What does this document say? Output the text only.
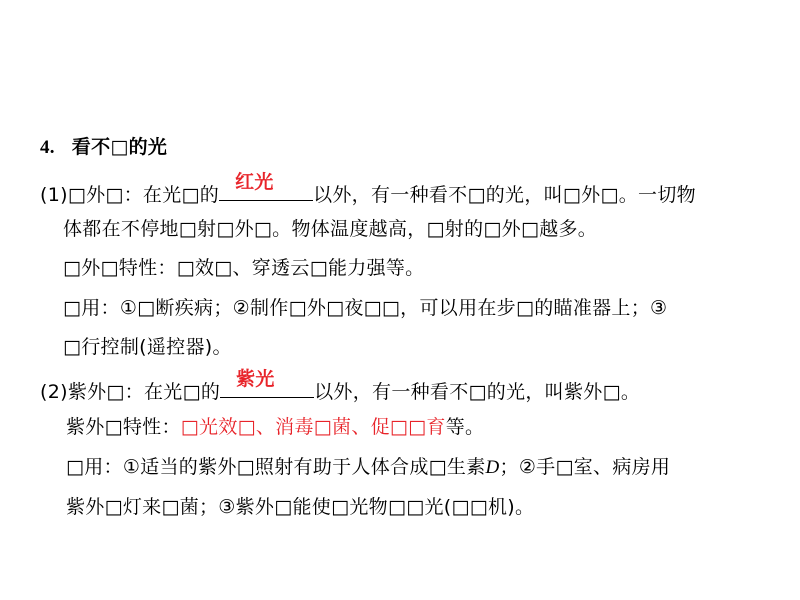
4. 看不□的光
(1)□外□：在光□的
红光
以外，有一种看不□的光，叫□外□。一切物
体都在不停地□射□外□。物体温度越高，□射的□外□越多。
□外□特性：□效□、穿透云□能力强等。
□用：①□断疾病；②制作□外□夜□□，可以用在步□的瞄准器上；③
□行控制(遥控器)。
(2)紫外□：在光□的
紫光
以外，有一种看不□的光，叫紫外□。
紫外□特性：□光效□、消毒□菌、促□□育等。
□用：①适当的紫外□照射有助于人体合成□生素D；②手□室、病房用
紫外□灯来□菌；③紫外□能使□光物□□光(□□机)。
